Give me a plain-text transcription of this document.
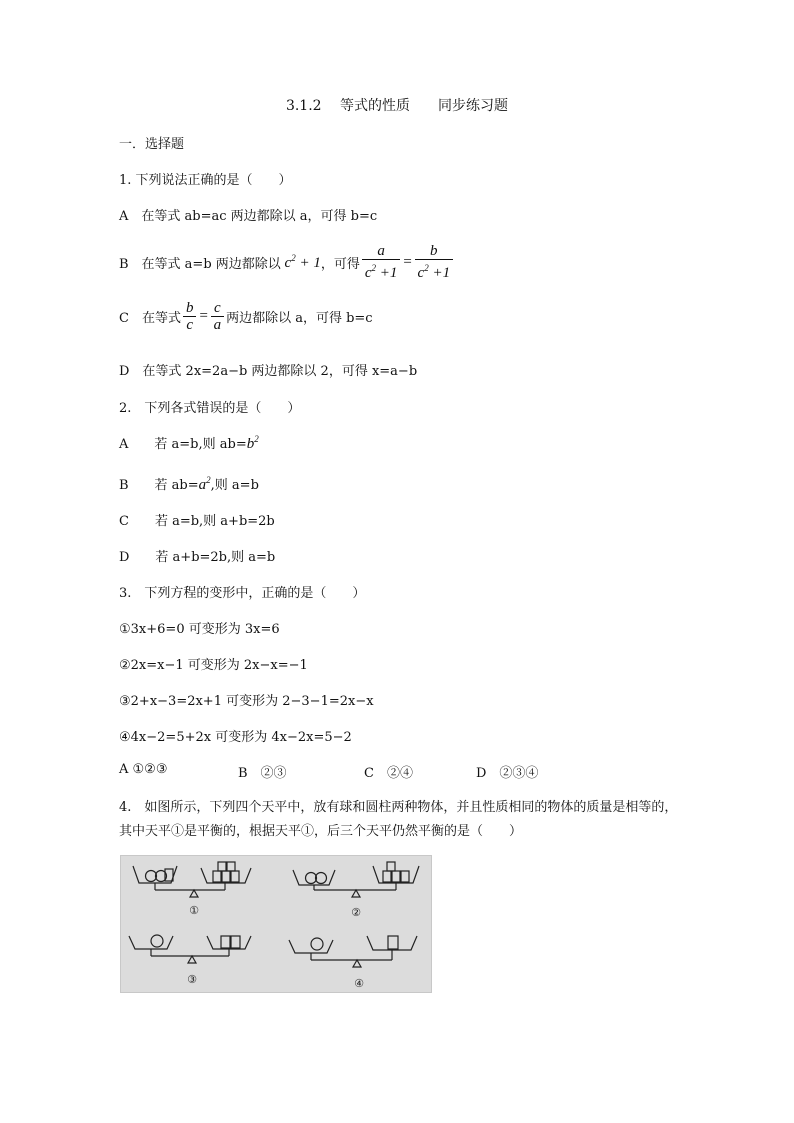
3.1.2　 等式的性质　　同步练习题
一．选择题
1. 下列说法正确的是（　　）
A　在等式 ab=ac 两边都除以 a，可得 b=c
B　在等式 a=b 两边都除以 $c^2 + 1$ ，可得 $\frac{a}{c^2 +1} = \frac{b}{c^2 +1}$
C　在等式 $\frac{b}{c} = \frac{c}{a}$ 两边都除以 a，可得 b=c
D　在等式 2x=2a−b 两边都除以 2，可得 x=a−b
2.　下列各式错误的是（　　）
A　　若 a=b,则 $ab=b^2$
B　　若 $ab=a^2$,则 a=b
C　　若 a=b,则 a+b=2b
D　　若 a+b=2b,则 a=b
3.　下列方程的变形中，正确的是（　　）
①3x+6=0 可变形为 3x=6
②2x=x−1 可变形为 2x−x=−1
③2+x−3=2x+1 可变形为 2−3−1=2x−x
④4x−2=5+2x 可变形为 4x−2x=5−2
A ①②③	B　②③	C　②④	D　②③④
4.　如图所示，下列四个天平中，放有球和圆柱两种物体，并且性质相同的物体的质量是相等的，其中天平①是平衡的，根据天平①，后三个天平仍然平衡的是（　　）
①	②
③	④
